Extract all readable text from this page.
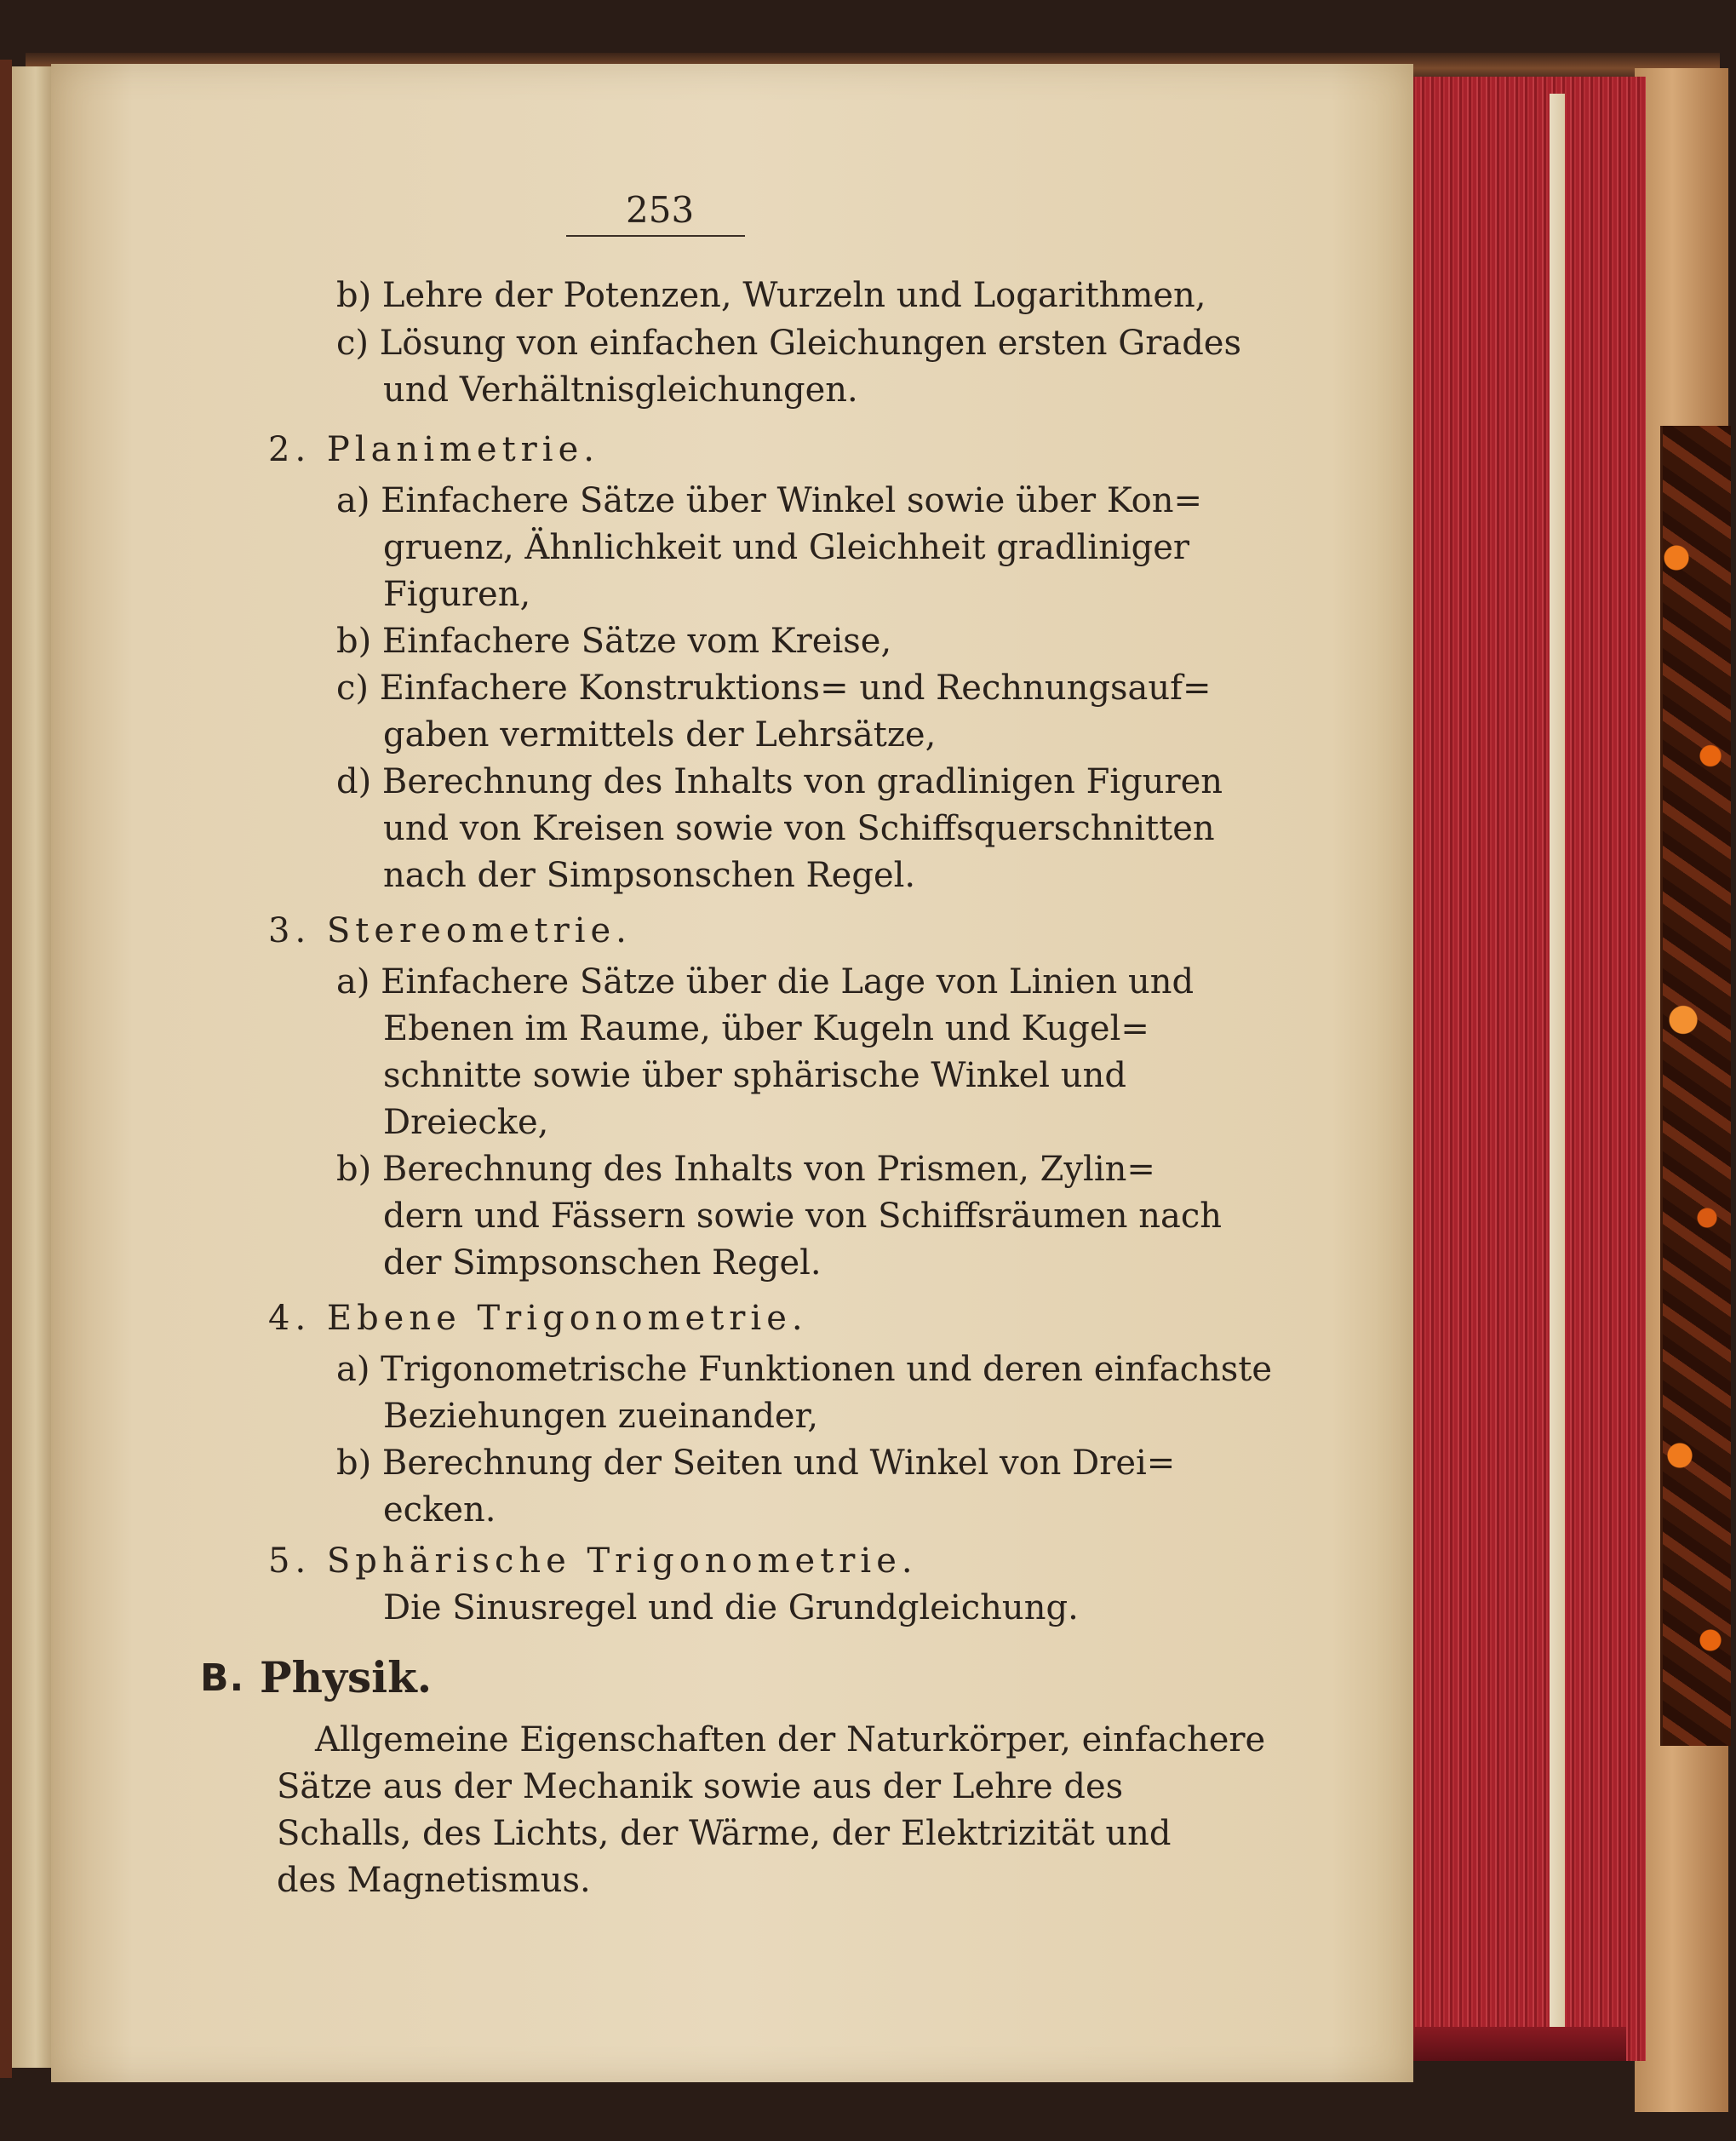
253
b) Lehre der Potenzen, Wurzeln und Logarithmen,
c) Lösung von einfachen Gleichungen ersten Grades
und Verhältnisgleichungen.
2. Planimetrie.
a) Einfachere Sätze über Winkel sowie über Kon=
gruenz, Ähnlichkeit und Gleichheit gradliniger
Figuren,
b) Einfachere Sätze vom Kreise,
c) Einfachere Konstruktions= und Rechnungsauf=
gaben vermittels der Lehrsätze,
d) Berechnung des Inhalts von gradlinigen Figuren
und von Kreisen sowie von Schiffsquerschnitten
nach der Simpsonschen Regel.
3. Stereometrie.
a) Einfachere Sätze über die Lage von Linien und
Ebenen im Raume, über Kugeln und Kugel=
schnitte sowie über sphärische Winkel und
Dreiecke,
b) Berechnung des Inhalts von Prismen, Zylin=
dern und Fässern sowie von Schiffsräumen nach
der Simpsonschen Regel.
4. Ebene Trigonometrie.
a) Trigonometrische Funktionen und deren einfachste
Beziehungen zueinander,
b) Berechnung der Seiten und Winkel von Drei=
ecken.
5. Sphärische Trigonometrie.
Die Sinusregel und die Grundgleichung.
B. Physik.
Allgemeine Eigenschaften der Naturkörper, einfachere
Sätze aus der Mechanik sowie aus der Lehre des
Schalls, des Lichts, der Wärme, der Elektrizität und
des Magnetismus.
